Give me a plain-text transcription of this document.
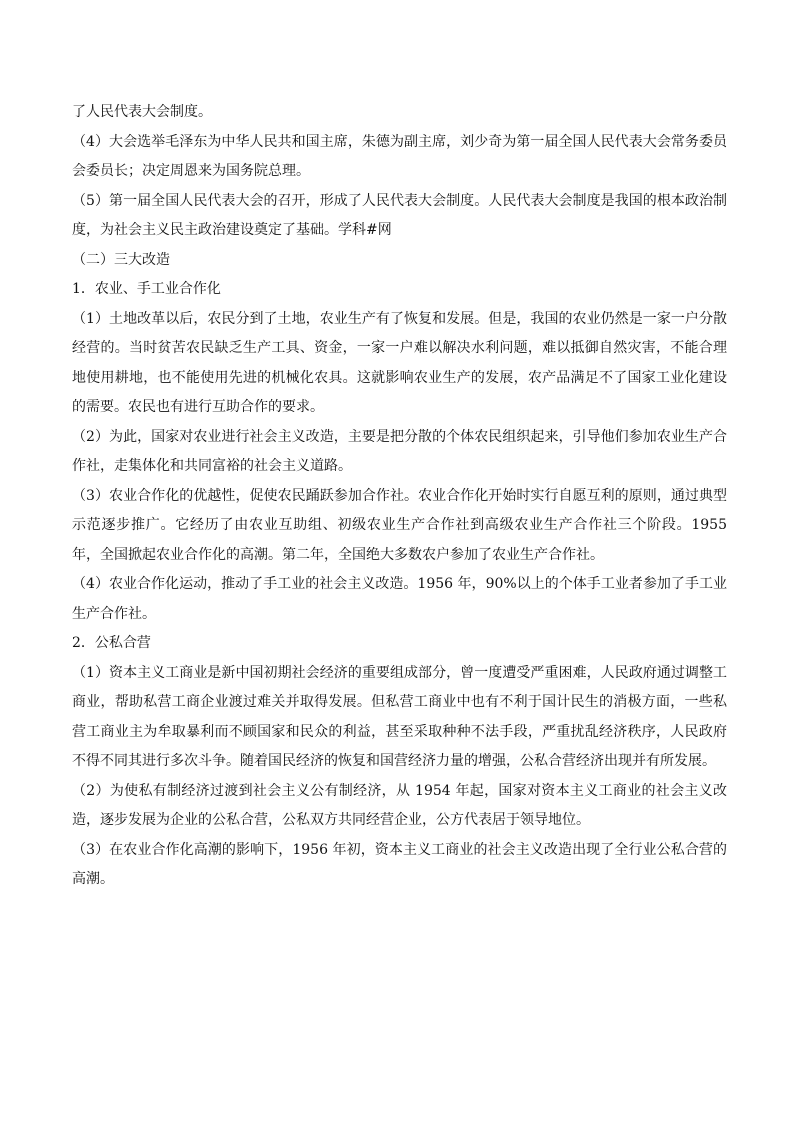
了人民代表大会制度。

（4）大会选举毛泽东为中华人民共和国主席，朱德为副主席，刘少奇为第一届全国人民代表大会常务委员会委员长；决定周恩来为国务院总理。

（5）第一届全国人民代表大会的召开，形成了人民代表大会制度。人民代表大会制度是我国的根本政治制度，为社会主义民主政治建设奠定了基础。学科#网

（二）三大改造

1．农业、手工业合作化

（1）土地改革以后，农民分到了土地，农业生产有了恢复和发展。但是，我国的农业仍然是一家一户分散经营的。当时贫苦农民缺乏生产工具、资金，一家一户难以解决水利问题，难以抵御自然灾害，不能合理地使用耕地，也不能使用先进的机械化农具。这就影响农业生产的发展，农产品满足不了国家工业化建设的需要。农民也有进行互助合作的要求。

（2）为此，国家对农业进行社会主义改造，主要是把分散的个体农民组织起来，引导他们参加农业生产合作社，走集体化和共同富裕的社会主义道路。

（3）农业合作化的优越性，促使农民踊跃参加合作社。农业合作化开始时实行自愿互利的原则，通过典型示范逐步推广。它经历了由农业互助组、初级农业生产合作社到高级农业生产合作社三个阶段。1955 年，全国掀起农业合作化的高潮。第二年，全国绝大多数农户参加了农业生产合作社。

（4）农业合作化运动，推动了手工业的社会主义改造。1956 年，90%以上的个体手工业者参加了手工业生产合作社。

2．公私合营

（1）资本主义工商业是新中国初期社会经济的重要组成部分，曾一度遭受严重困难，人民政府通过调整工商业，帮助私营工商企业渡过难关并取得发展。但私营工商业中也有不利于国计民生的消极方面，一些私营工商业主为牟取暴利而不顾国家和民众的利益，甚至采取种种不法手段，严重扰乱经济秩序，人民政府不得不同其进行多次斗争。随着国民经济的恢复和国营经济力量的增强，公私合营经济出现并有所发展。

（2）为使私有制经济过渡到社会主义公有制经济，从 1954 年起，国家对资本主义工商业的社会主义改造，逐步发展为企业的公私合营，公私双方共同经营企业，公方代表居于领导地位。

（3）在农业合作化高潮的影响下，1956 年初，资本主义工商业的社会主义改造出现了全行业公私合营的高潮。
